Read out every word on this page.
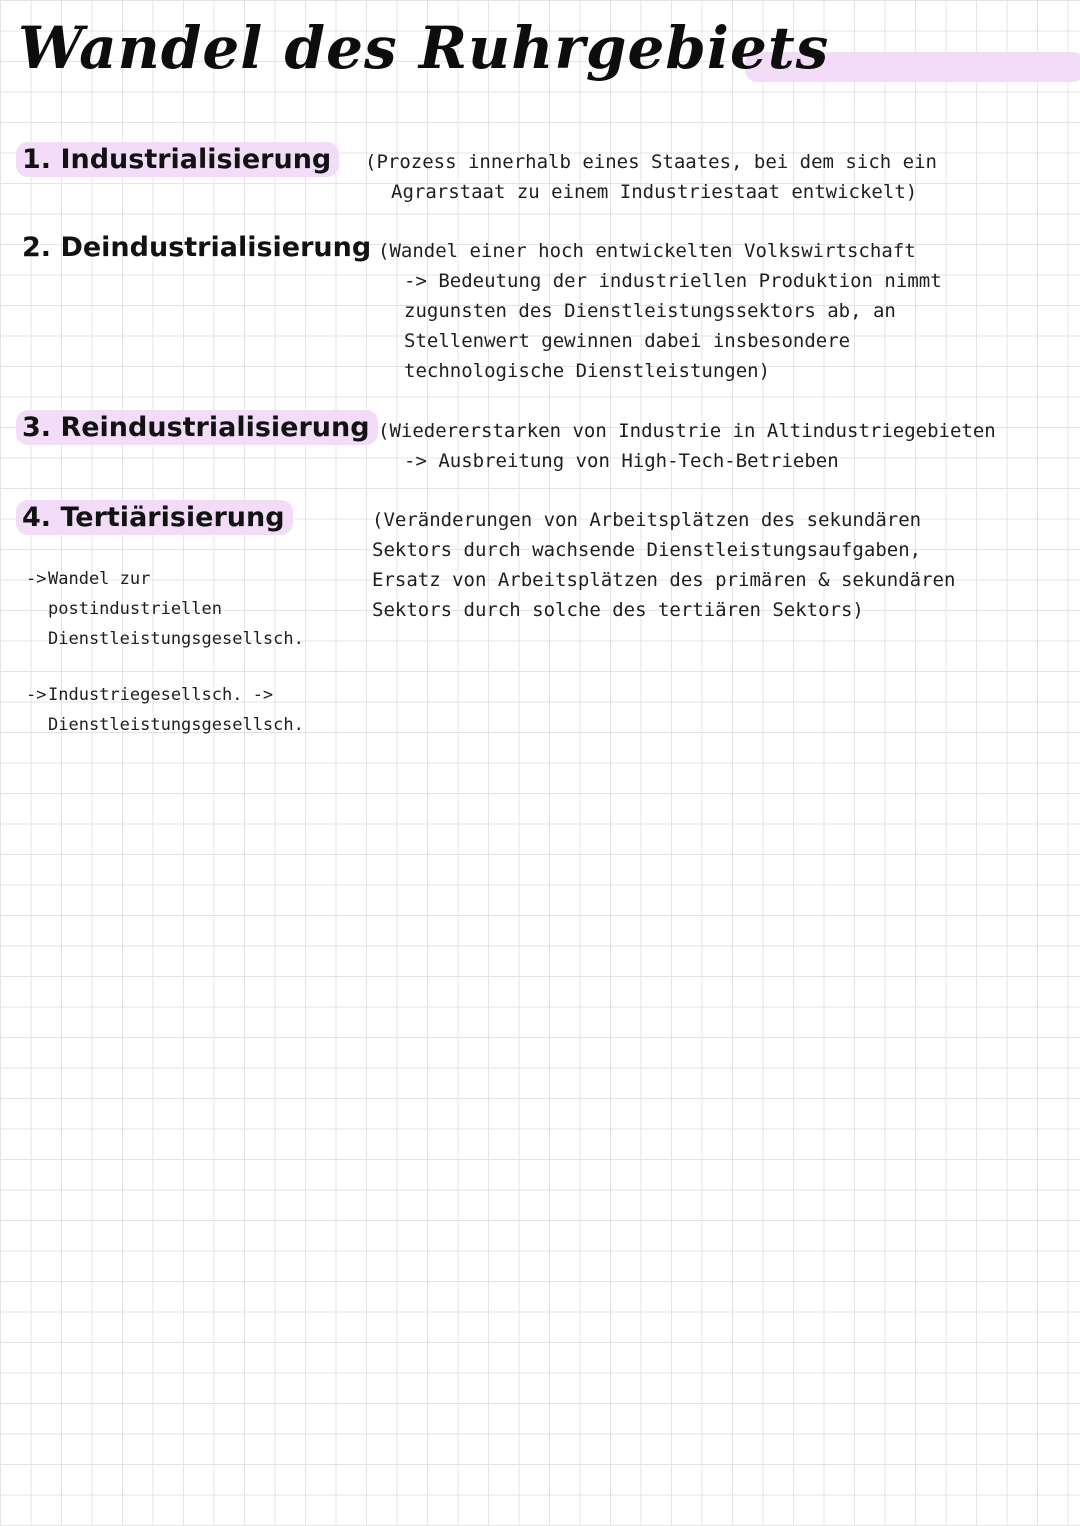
Wandel des Ruhrgebiets
1. Industrialisierung	(Prozess innerhalb eines Staates, bei dem sich ein

Agrarstaat zu einem Industriestaat entwickelt)

2. Deindustrialisierung (Wandel einer hoch entwickelten Volkswirtschaft

-> Bedeutung der industriellen Produktion nimmt

zugunsten des Dienstleistungssektors ab, an

Stellenwert gewinnen dabei insbesondere

technologische Dienstleistungen)

3. Reindustrialisierung (Wiedererstarken von Industrie in Altindustriegebieten

-> Ausbreitung von High-Tech-Betrieben

4. Tertiärisierung	(Veränderungen von Arbeitsplätzen des sekundären

Sektors durch wachsende Dienstleistungsaufgaben,

Ersatz von Arbeitsplätzen des primären & sekundären

Sektors durch solche des tertiären Sektors)

->Wandel zur

postindustriellen

Dienstleistungsgesellsch.

->Industriegesellsch. ->

Dienstleistungsgesellsch.
